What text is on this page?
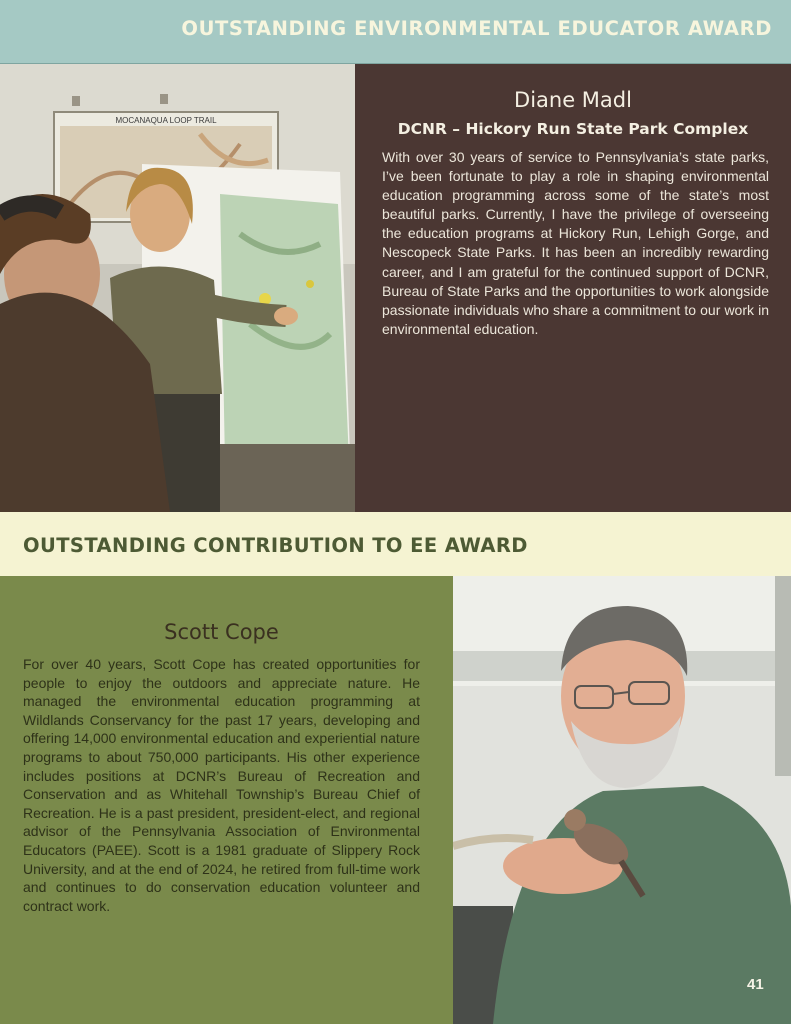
OUTSTANDING ENVIRONMENTAL EDUCATOR AWARD
MOCANAQUA LOOP TRAIL

Diane Madl

DCNR – Hickory Run State Park Complex

With over 30 years of service to Pennsylvania’s state parks, I’ve been fortunate to play a role in shaping environmental education programming across some of the state’s most beautiful parks. Currently, I have the privilege of overseeing the education programs at Hickory Run, Lehigh Gorge, and Nescopeck State Parks. It has been an incredibly rewarding career, and I am grateful for the continued support of DCNR, Bureau of State Parks and the opportunities to work alongside passionate individuals who share a commitment to our work in environmental education.

OUTSTANDING CONTRIBUTION TO EE AWARD

Scott Cope

For over 40 years, Scott Cope has created opportunities for people to enjoy the outdoors and appreciate nature. He managed the environmental education programming at Wildlands Conservancy for the past 17 years, developing and offering 14,000 environmental education and experiential nature programs to about 750,000 participants. His other experience includes positions at DCNR’s Bureau of Recreation and Conservation and as Whitehall Township’s Bureau Chief of Recreation. He is a past president, president-elect, and regional advisor of the Pennsylvania Association of Environmental Educators (PAEE). Scott is a 1981 graduate of Slippery Rock University, and at the end of 2024, he retired from full-time work and continues to do conservation education volunteer and contract work.

41
